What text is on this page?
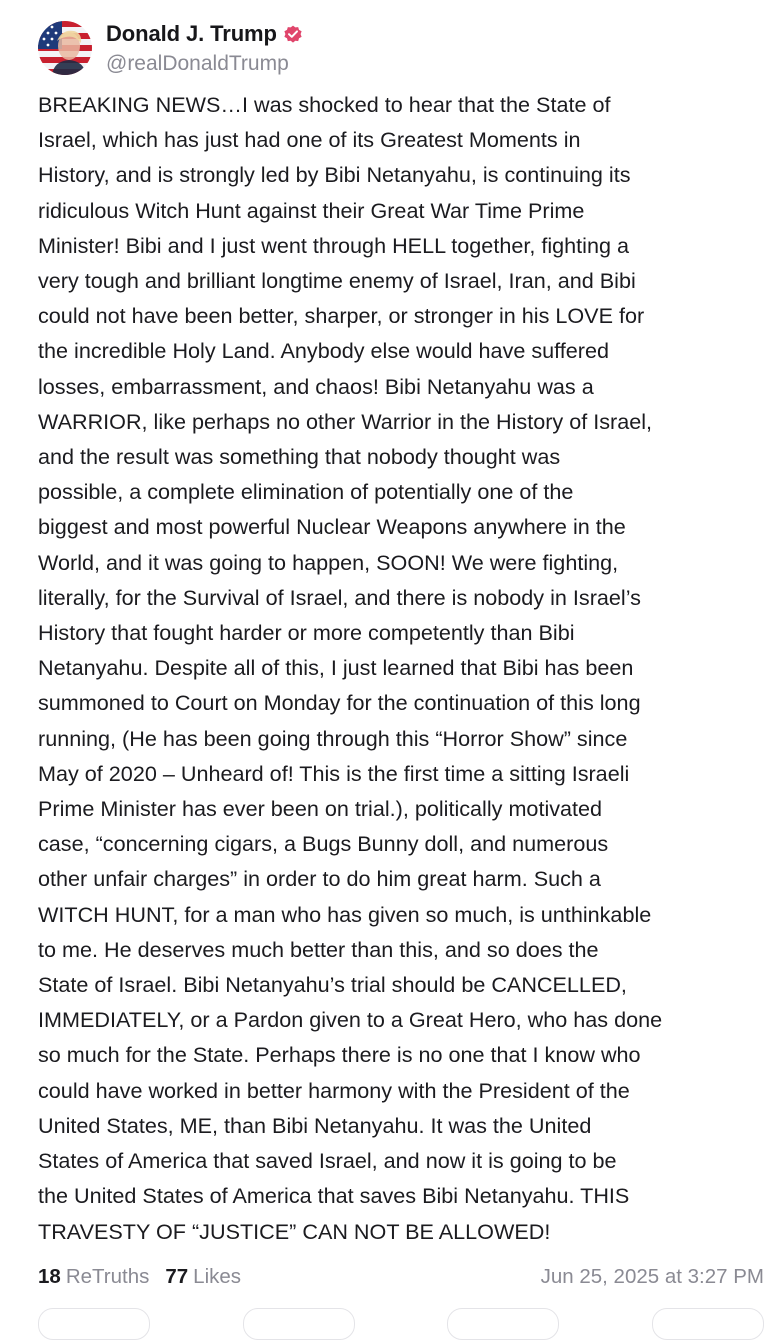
Donald J. Trump
@realDonaldTrump

BREAKING NEWS…I was shocked to hear that the State of
Israel, which has just had one of its Greatest Moments in
History, and is strongly led by Bibi Netanyahu, is continuing its
ridiculous Witch Hunt against their Great War Time Prime
Minister! Bibi and I just went through HELL together, fighting a
very tough and brilliant longtime enemy of Israel, Iran, and Bibi
could not have been better, sharper, or stronger in his LOVE for
the incredible Holy Land. Anybody else would have suffered
losses, embarrassment, and chaos! Bibi Netanyahu was a
WARRIOR, like perhaps no other Warrior in the History of Israel,
and the result was something that nobody thought was
possible, a complete elimination of potentially one of the
biggest and most powerful Nuclear Weapons anywhere in the
World, and it was going to happen, SOON! We were fighting,
literally, for the Survival of Israel, and there is nobody in Israel’s
History that fought harder or more competently than Bibi
Netanyahu. Despite all of this, I just learned that Bibi has been
summoned to Court on Monday for the continuation of this long
running, (He has been going through this “Horror Show” since
May of 2020 – Unheard of! This is the first time a sitting Israeli
Prime Minister has ever been on trial.), politically motivated
case, “concerning cigars, a Bugs Bunny doll, and numerous
other unfair charges” in order to do him great harm. Such a
WITCH HUNT, for a man who has given so much, is unthinkable
to me. He deserves much better than this, and so does the
State of Israel. Bibi Netanyahu’s trial should be CANCELLED,
IMMEDIATELY, or a Pardon given to a Great Hero, who has done
so much for the State. Perhaps there is no one that I know who
could have worked in better harmony with the President of the
United States, ME, than Bibi Netanyahu. It was the United
States of America that saved Israel, and now it is going to be
the United States of America that saves Bibi Netanyahu. THIS
TRAVESTY OF “JUSTICE” CAN NOT BE ALLOWED!

18 ReTruths 77 Likes	Jun 25, 2025 at 3:27 PM
